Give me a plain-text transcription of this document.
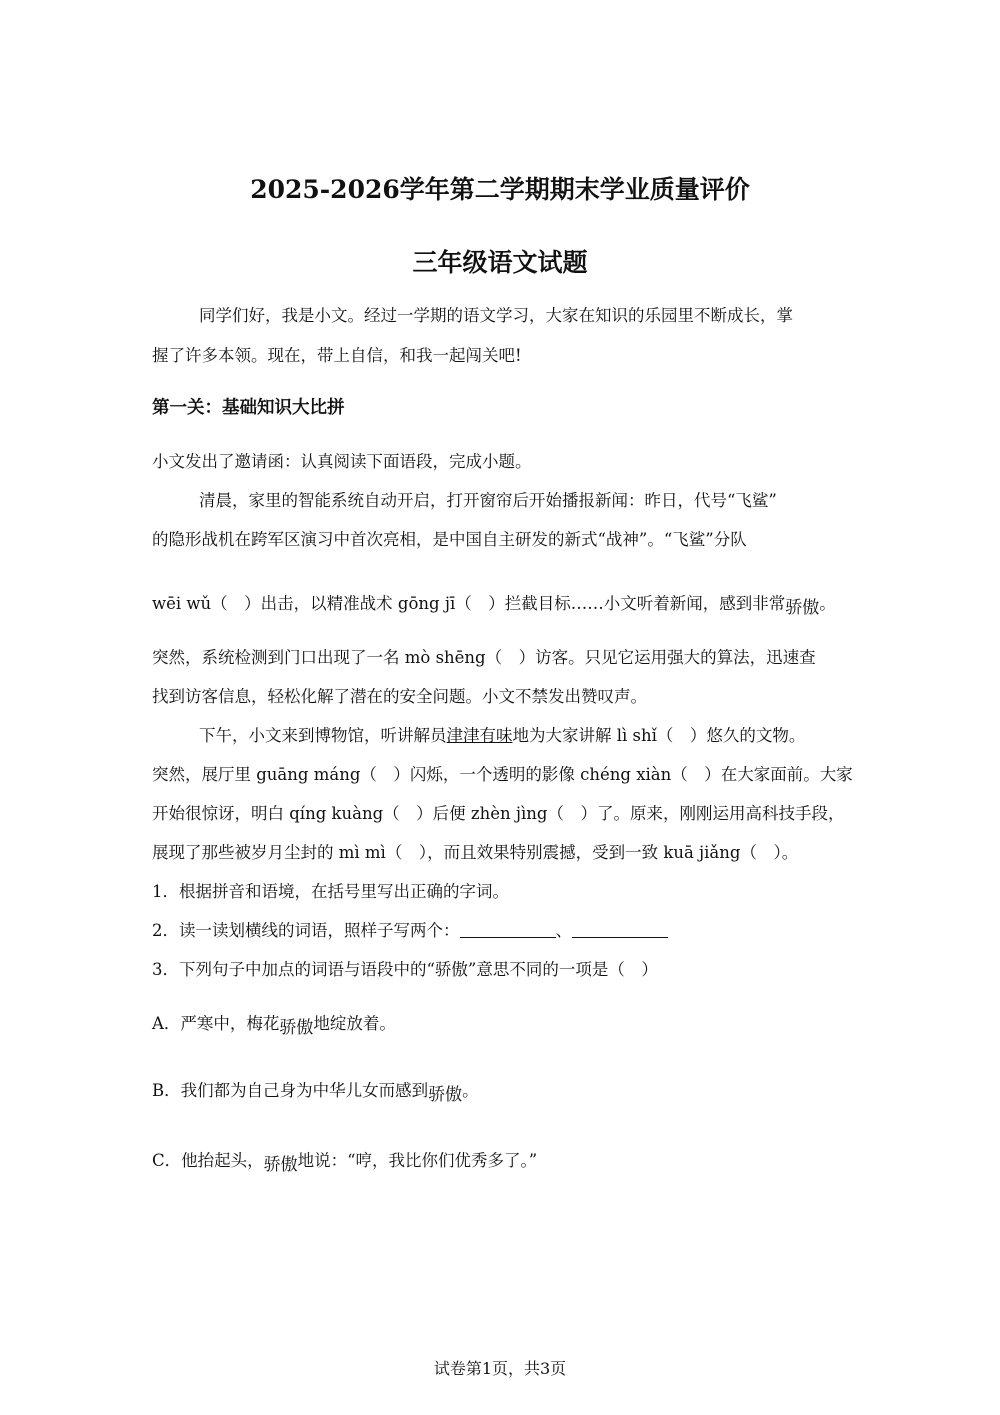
2025-2026学年第二学期期末学业质量评价
三年级语文试题
同学们好，我是小文。经过一学期的语文学习，大家在知识的乐园里不断成长，掌
握了许多本领。现在，带上自信，和我一起闯关吧!
第一关：基础知识大比拼
小文发出了邀请函：认真阅读下面语段，完成小题。
清晨，家里的智能系统自动开启，打开窗帘后开始播报新闻：昨日，代号“飞鲨”
的隐形战机在跨军区演习中首次亮相，是中国自主研发的新式“战神”。“飞鲨”分队
wēi wǔ（　）出击，以精准战术 gōng jī（　）拦截目标……小文听着新闻，感到非常骄傲。
突然，系统检测到门口出现了一名 mò shēng（　）访客。只见它运用强大的算法，迅速查
找到访客信息，轻松化解了潜在的安全问题。小文不禁发出赞叹声。
下午，小文来到博物馆，听讲解员津津有味地为大家讲解 lì shǐ（　）悠久的文物。
突然，展厅里 guāng máng（　）闪烁，一个透明的影像 chéng xiàn（　）在大家面前。大家
开始很惊讶，明白 qíng kuàng（　）后便 zhèn jìng（　）了。原来，刚刚运用高科技手段，
展现了那些被岁月尘封的 mì mì（　），而且效果特别震撼，受到一致 kuā jiǎng（　）。
1．根据拼音和语境，在括号里写出正确的字词。
2．读一读划横线的词语，照样子写两个：	、
3．下列句子中加点的词语与语段中的“骄傲”意思不同的一项是（　）
A．严寒中，梅花骄傲地绽放着。
B．我们都为自己身为中华儿女而感到骄傲。
C．他抬起头，骄傲地说：“哼，我比你们优秀多了。”
试卷第1页，共3页
